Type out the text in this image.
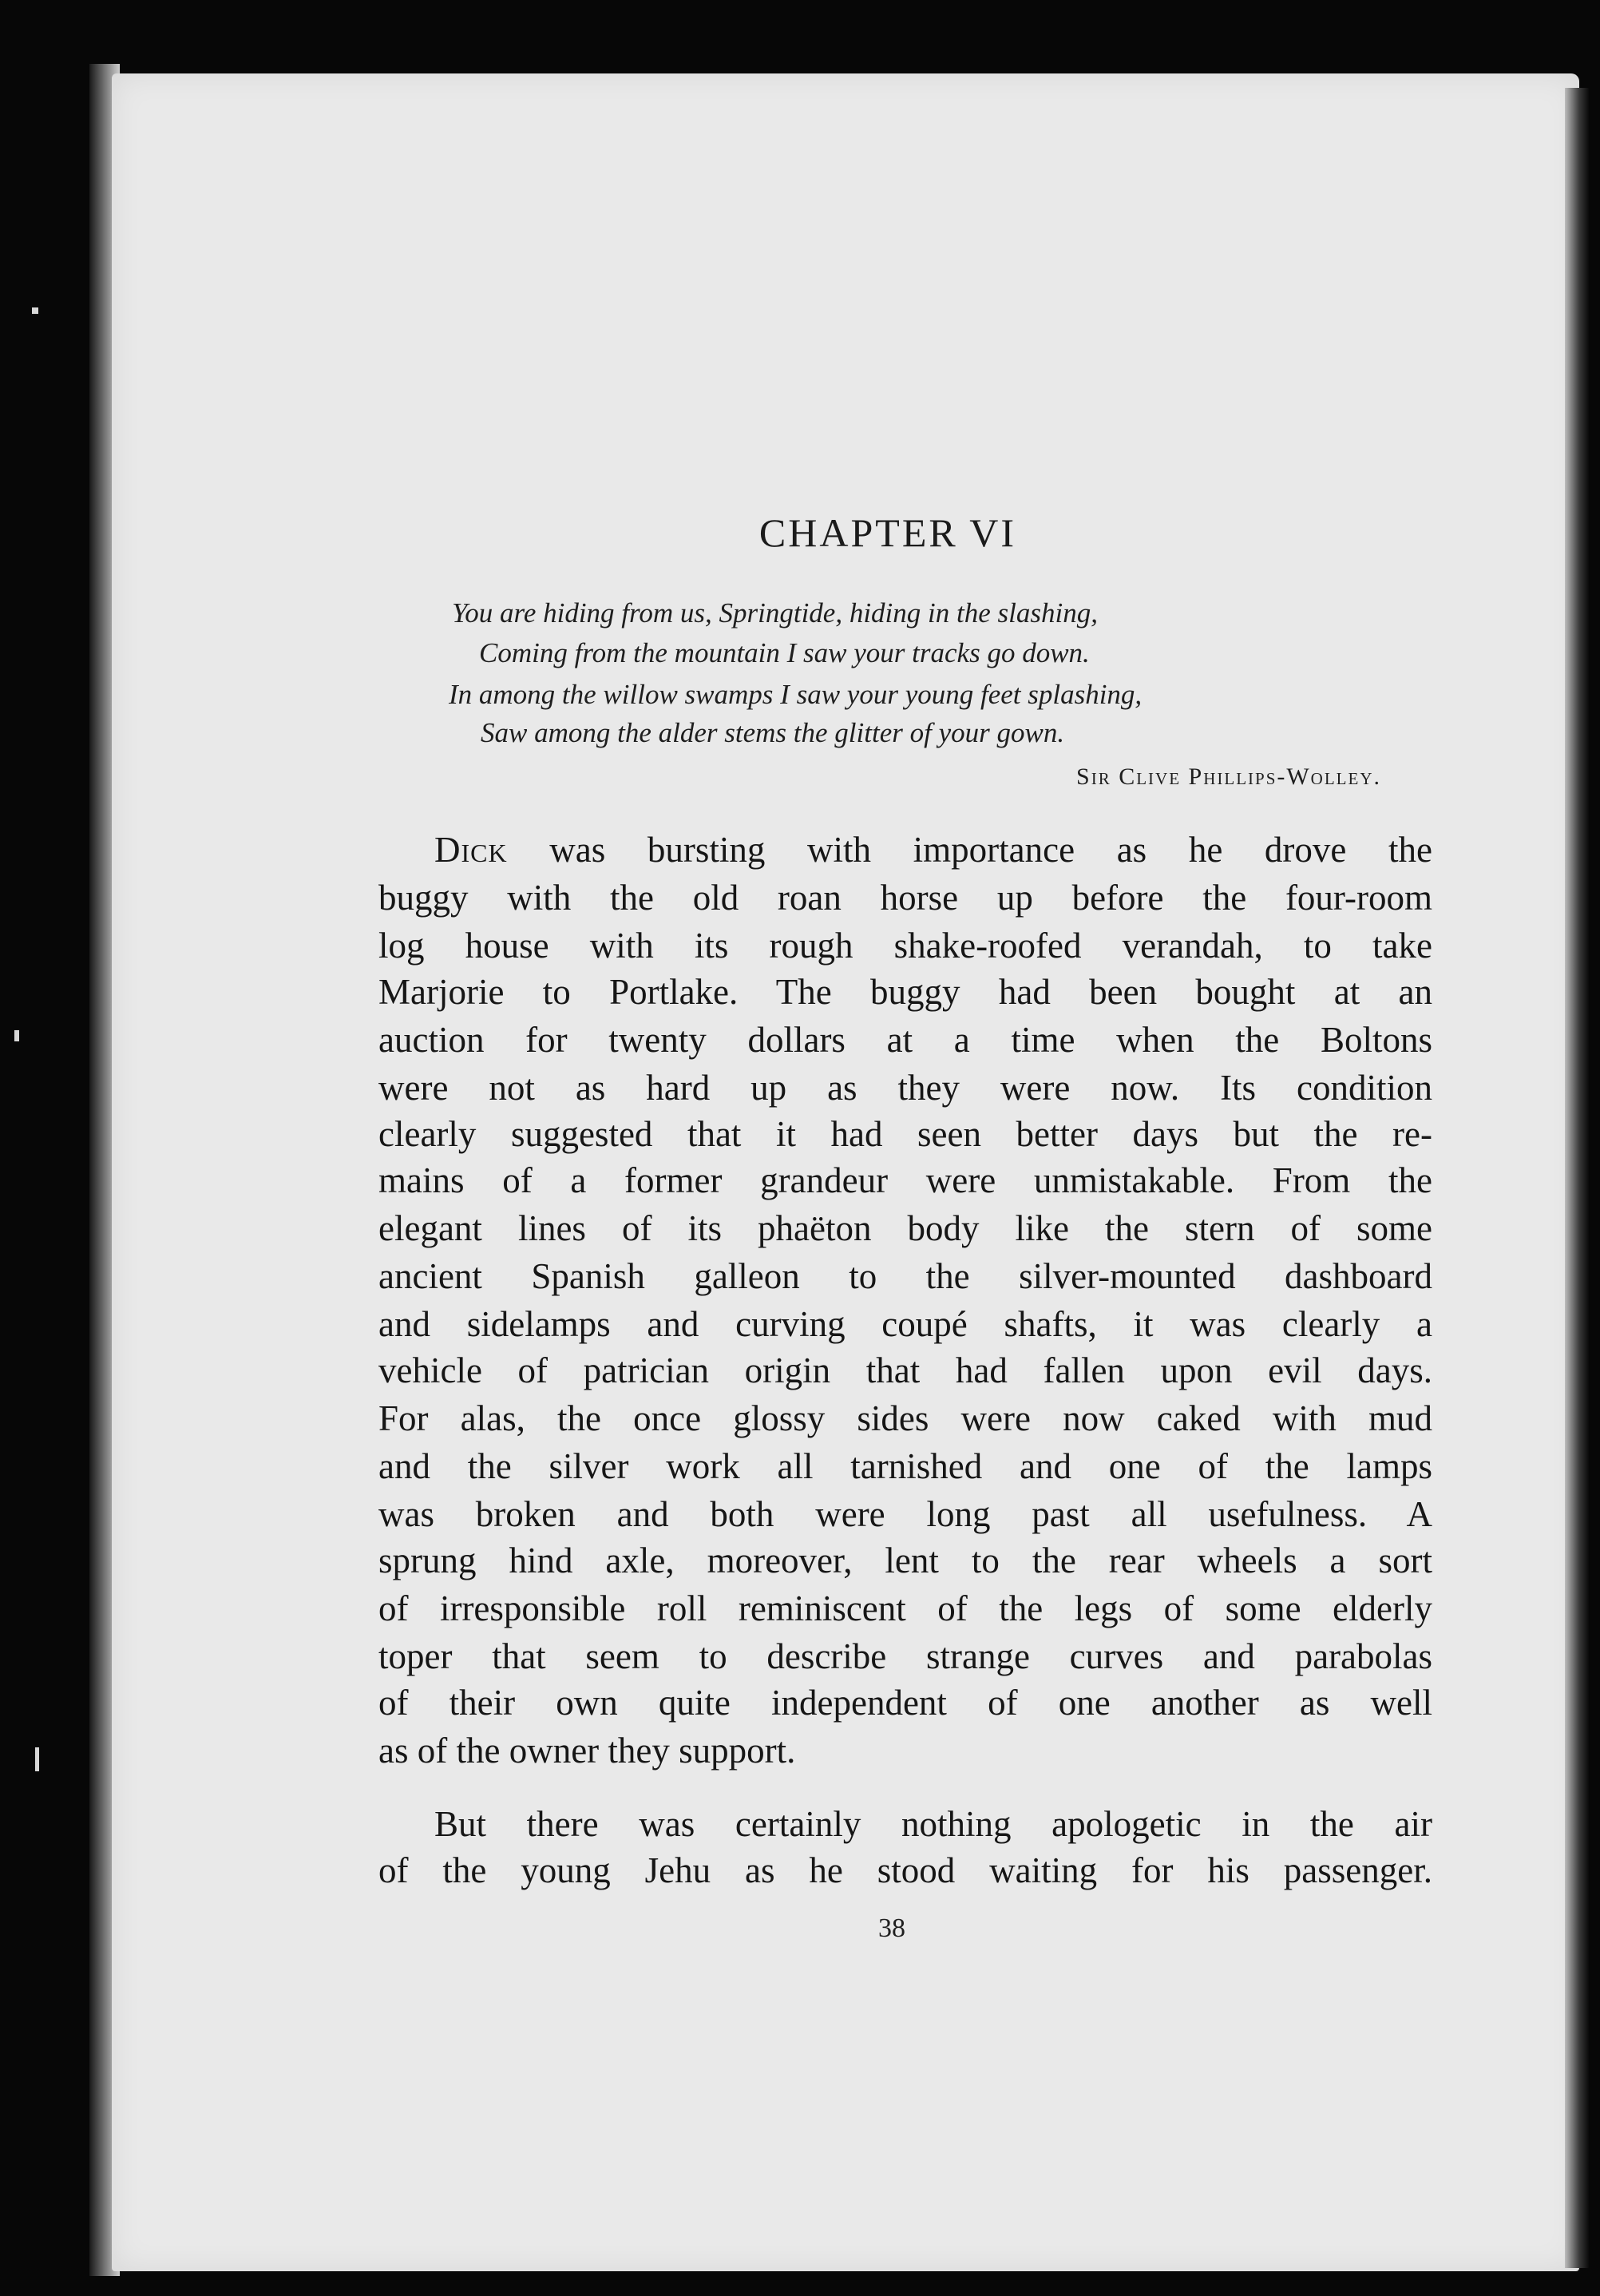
CHAPTER VI
You are hiding from us, Springtide, hiding in the slashing,
Coming from the mountain I saw your tracks go down.
In among the willow swamps I saw your young feet splashing,
Saw among the alder stems the glitter of your gown.
Sir Clive Phillips-Wolley.
Dick was bursting with importance as he drove the
buggy with the old roan horse up before the four-room
log house with its rough shake-roofed verandah, to take
Marjorie to Portlake. The buggy had been bought at an
auction for twenty dollars at a time when the Boltons
were not as hard up as they were now. Its condition
clearly suggested that it had seen better days but the re-
mains of a former grandeur were unmistakable. From the
elegant lines of its phaëton body like the stern of some
ancient Spanish galleon to the silver-mounted dashboard
and sidelamps and curving coupé shafts, it was clearly a
vehicle of patrician origin that had fallen upon evil days.
For alas, the once glossy sides were now caked with mud
and the silver work all tarnished and one of the lamps
was broken and both were long past all usefulness. A
sprung hind axle, moreover, lent to the rear wheels a sort
of irresponsible roll reminiscent of the legs of some elderly
toper that seem to describe strange curves and parabolas
of their own quite independent of one another as well
as of the owner they support.
But there was certainly nothing apologetic in the air
of the young Jehu as he stood waiting for his passenger.
38
